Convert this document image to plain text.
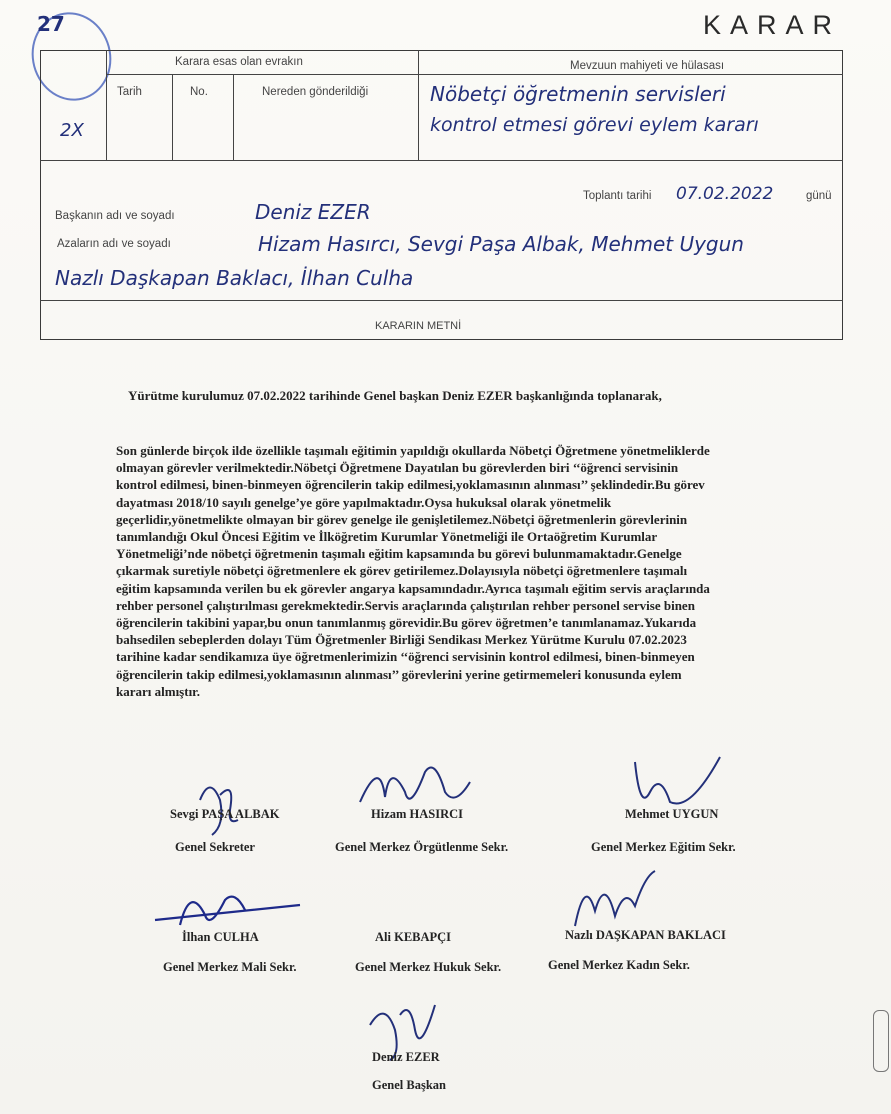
27	KARAR
Karara esas olan evrakın
Tarih	No.	Nereden gönderildiği
Mevzuun mahiyeti ve hülasası
2X
Nöbetçi öğretmenin servisleri
kontrol etmesi görevi eylem kararı
Toplantı tarihi 07.02.2022	günü
Başkanın adı ve soyadı	Deniz EZER
Azaların adı ve soyadı	Hizam Hasırcı, Sevgi Paşa Albak, Mehmet Uygun
Nazlı Daşkapan Baklacı, İlhan Culha
KARARIN METNİ
Yürütme kurulumuz 07.02.2022 tarihinde Genel başkan Deniz EZER başkanlığında toplanarak,
Son günlerde birçok ilde özellikle taşımalı eğitimin yapıldığı okullarda Nöbetçi Öğretmene yönetmeliklerde
olmayan görevler verilmektedir.Nöbetçi Öğretmene Dayatılan bu görevlerden biri ‘‘öğrenci servisinin
kontrol edilmesi, binen-binmeyen öğrencilerin takip edilmesi,yoklamasının alınması’’ şeklindedir.Bu görev
dayatması 2018/10 sayılı genelge’ye göre yapılmaktadır.Oysa hukuksal olarak yönetmelik
geçerlidir,yönetmelikte olmayan bir görev genelge ile genişletilemez.Nöbetçi öğretmenlerin görevlerinin
tanımlandığı Okul Öncesi Eğitim ve İlköğretim Kurumlar Yönetmeliği ile Ortaöğretim Kurumlar
Yönetmeliği’nde nöbetçi öğretmenin taşımalı eğitim kapsamında bu görevi bulunmamaktadır.Genelge
çıkarmak suretiyle nöbetçi öğretmenlere ek görev getirilemez.Dolayısıyla nöbetçi öğretmenlere taşımalı
eğitim kapsamında verilen bu ek görevler angarya kapsamındadır.Ayrıca taşımalı eğitim servis araçlarında
rehber personel çalıştırılması gerekmektedir.Servis araçlarında çalıştırılan rehber personel servise binen
öğrencilerin takibini yapar,bu onun tanımlanmış görevidir.Bu görev öğretmen’e tanımlanamaz.Yukarıda
bahsedilen sebeplerden dolayı Tüm Öğretmenler Birliği Sendikası Merkez Yürütme Kurulu 07.02.2023
tarihine kadar sendikamıza üye öğretmenlerimizin ‘‘öğrenci servisinin kontrol edilmesi, binen-binmeyen
öğrencilerin takip edilmesi,yoklamasının alınması’’ görevlerini yerine getirmemeleri konusunda eylem
kararı almıştır.
Sevgi PAŞA ALBAK
Genel Sekreter
Hizam HASIRCI
Genel Merkez Örgütlenme Sekr.
Mehmet UYGUN
Genel Merkez Eğitim Sekr.
İlhan CULHA
Genel Merkez Mali Sekr.
Ali KEBAPÇI
Genel Merkez Hukuk Sekr.
Nazlı DAŞKAPAN BAKLACI
Genel Merkez Kadın Sekr.
Deniz EZER
Genel Başkan
